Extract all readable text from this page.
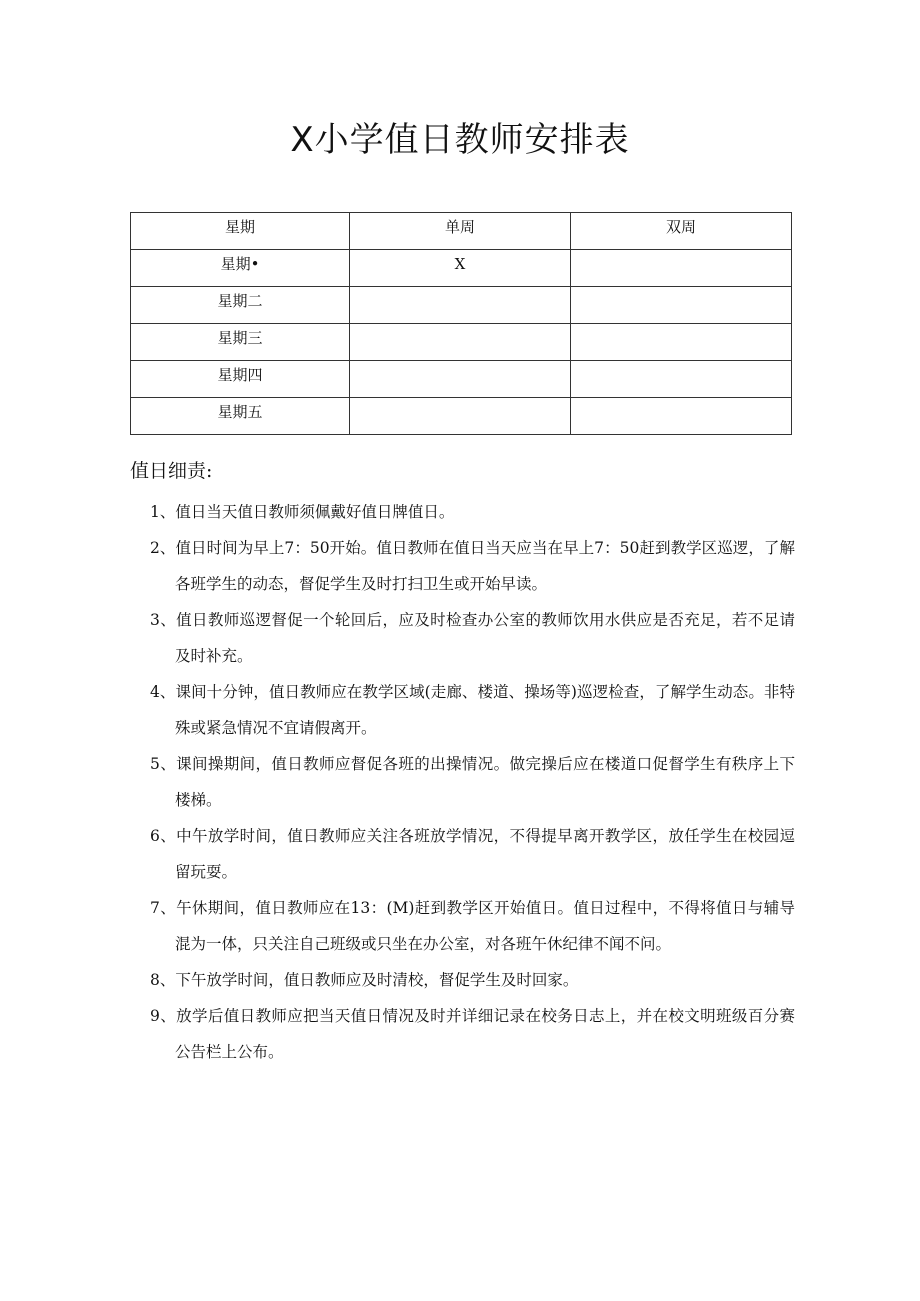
X小学值日教师安排表
星期	单周	双周
星期•	X	
星期二		
星期三		
星期四		
星期五		
值日细责:
1、值日当天值日教师须佩戴好值日牌值日。
2、值日时间为早上7：50开始。值日教师在值日当天应当在早上7：50赶到教学区巡逻，了解各班学生的动态，督促学生及时打扫卫生或开始早读。
3、值日教师巡逻督促一个轮回后，应及时检查办公室的教师饮用水供应是否充足，若不足请及时补充。
4、课间十分钟，值日教师应在教学区域(走廊、楼道、操场等)巡逻检查，了解学生动态。非特殊或紧急情况不宜请假离开。
5、课间操期间，值日教师应督促各班的出操情况。做完操后应在楼道口促督学生有秩序上下楼梯。
6、中午放学时间，值日教师应关注各班放学情况，不得提早离开教学区，放任学生在校园逗留玩耍。
7、午休期间，值日教师应在13：(M)赶到教学区开始值日。值日过程中，不得将值日与辅导混为一体，只关注自己班级或只坐在办公室，对各班午休纪律不闻不问。
8、下午放学时间，值日教师应及时清校，督促学生及时回家。
9、放学后值日教师应把当天值日情况及时并详细记录在校务日志上，并在校文明班级百分赛公告栏上公布。
